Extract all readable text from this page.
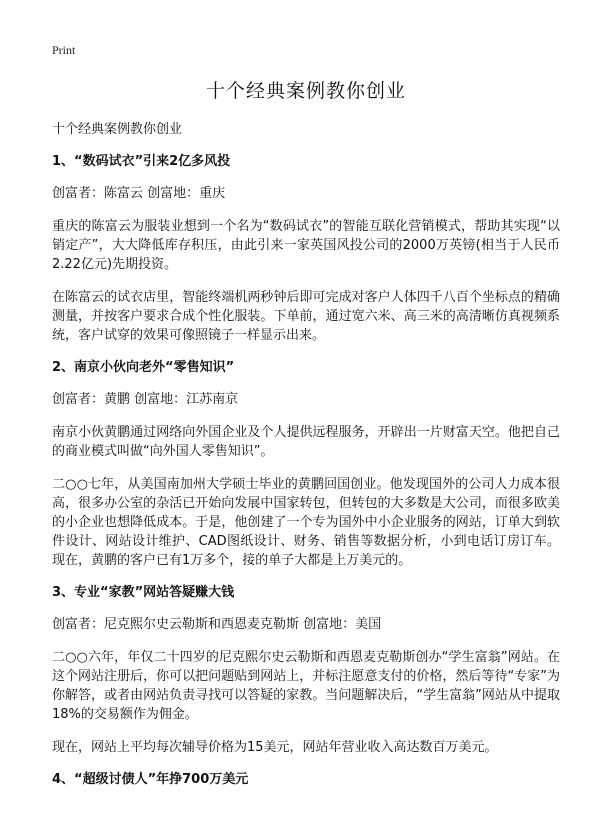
Print
十个经典案例教你创业
十个经典案例教你创业
1、“数码试衣”引来2亿多风投
创富者：陈富云 创富地：重庆

重庆的陈富云为服装业想到一个名为“数码试衣”的智能互联化营销模式，帮助其实现“以销定产”，大大降低库存积压，由此引来一家英国风投公司的2000万英镑(相当于人民币2.22亿元)先期投资。

在陈富云的试衣店里，智能终端机两秒钟后即可完成对客户人体四千八百个坐标点的精确测量，并按客户要求合成个性化服装。下单前，通过宽六米、高三米的高清晰仿真视频系统，客户试穿的效果可像照镜子一样显示出来。

2、南京小伙向老外“零售知识”
创富者：黄鹏 创富地：江苏南京

南京小伙黄鹏通过网络向外国企业及个人提供远程服务，开辟出一片财富天空。他把自己的商业模式叫做“向外国人零售知识”。

二○○七年，从美国南加州大学硕士毕业的黄鹏回国创业。他发现国外的公司人力成本很高，很多办公室的杂活已开始向发展中国家转包，但转包的大多数是大公司，而很多欧美的小企业也想降低成本。于是，他创建了一个专为国外中小企业服务的网站，订单大到软件设计、网站设计维护、CAD图纸设计、财务、销售等数据分析，小到电话订房订车。现在，黄鹏的客户已有1万多个，接的单子大都是上万美元的。

3、专业“家教”网站答疑赚大钱
创富者：尼克熙尔史云勒斯和西恩麦克勒斯 创富地：美国

二○○六年，年仅二十四岁的尼克熙尔史云勒斯和西恩麦克勒斯创办“学生富翁”网站。在这个网站注册后，你可以把问题贴到网站上，并标注愿意支付的价格，然后等待“专家”为你解答，或者由网站负责寻找可以答疑的家教。当问题解决后，“学生富翁”网站从中提取18%的交易额作为佣金。

现在，网站上平均每次辅导价格为15美元，网站年营业收入高达数百万美元。

4、“超级讨债人”年挣700万美元
